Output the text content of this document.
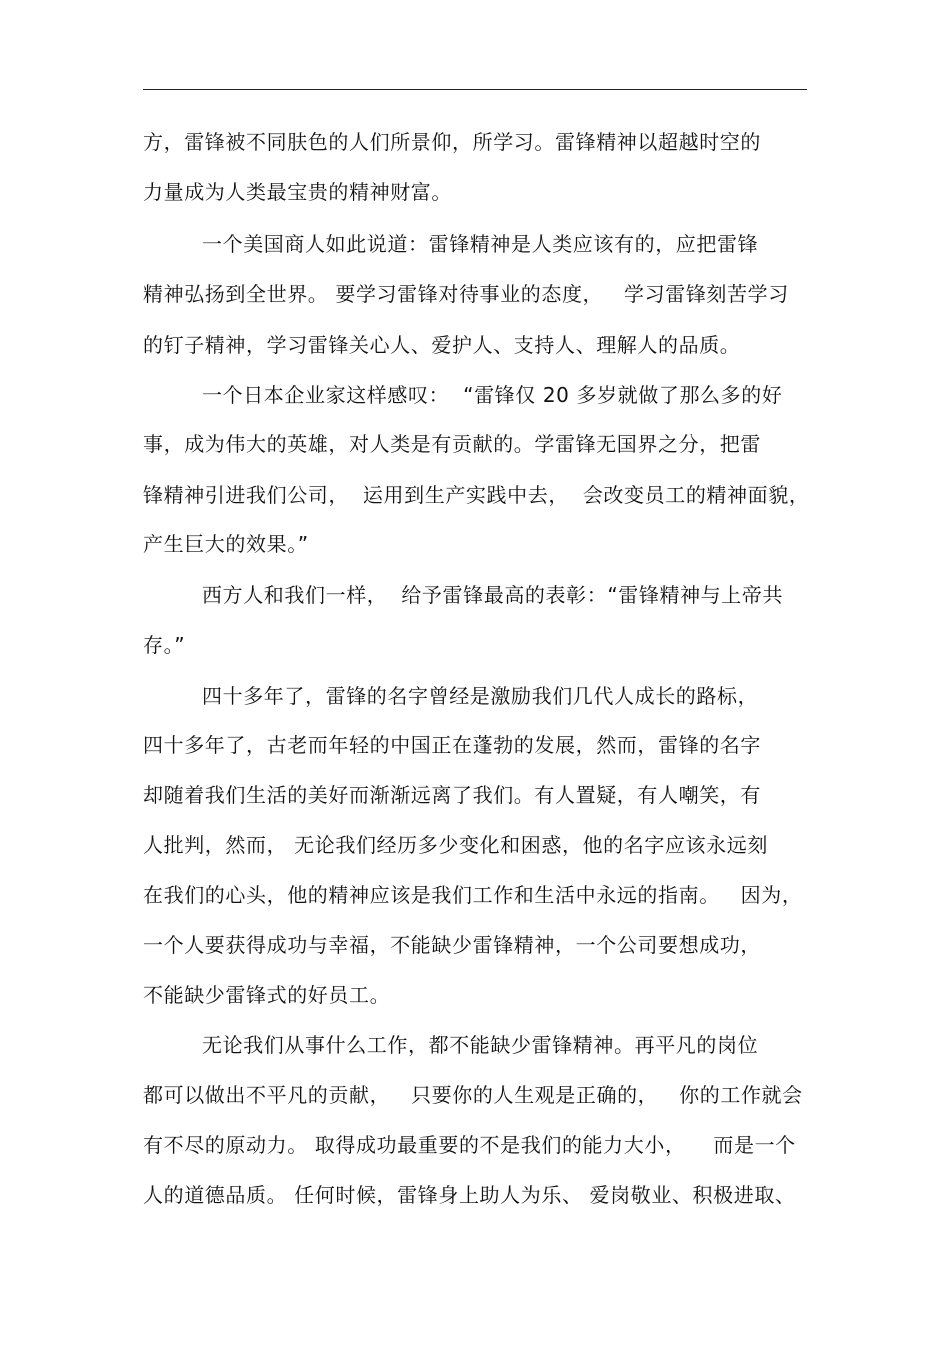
方，雷锋被不同肤色的人们所景仰，所学习。雷锋精神以超越时空的
力量成为人类最宝贵的精神财富。
一个美国商人如此说道：雷锋精神是人类应该有的，应把雷锋
精神弘扬到全世界。 要学习雷锋对待事业的态度，   学习雷锋刻苦学习
的钉子精神，学习雷锋关心人、爱护人、支持人、理解人的品质。
一个日本企业家这样感叹：  “雷锋仅 20 多岁就做了那么多的好
事，成为伟大的英雄，对人类是有贡献的。学雷锋无国界之分，把雷
锋精神引进我们公司，  运用到生产实践中去，  会改变员工的精神面貌，
产生巨大的效果。”
西方人和我们一样，  给予雷锋最高的表彰：“雷锋精神与上帝共
存。”
四十多年了，雷锋的名字曾经是激励我们几代人成长的路标，
四十多年了，古老而年轻的中国正在蓬勃的发展，然而，雷锋的名字
却随着我们生活的美好而渐渐远离了我们。有人置疑，有人嘲笑，有
人批判，然而， 无论我们经历多少变化和困惑，他的名字应该永远刻
在我们的心头，他的精神应该是我们工作和生活中永远的指南。   因为，
一个人要获得成功与幸福，不能缺少雷锋精神，一个公司要想成功，
不能缺少雷锋式的好员工。
无论我们从事什么工作，都不能缺少雷锋精神。再平凡的岗位
都可以做出不平凡的贡献，   只要你的人生观是正确的，   你的工作就会
有不尽的原动力。 取得成功最重要的不是我们的能力大小，    而是一个
人的道德品质。 任何时候，雷锋身上助人为乐、 爱岗敬业、积极进取、
